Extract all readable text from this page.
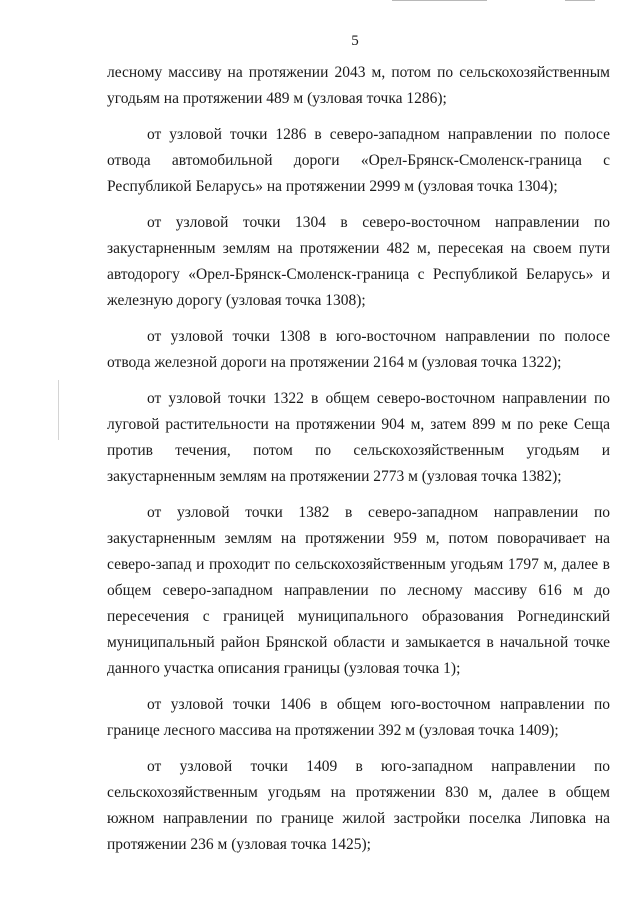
5

лесному массиву на протяжении 2043 м, потом по сельскохозяйственным угодьям на протяжении 489 м (узловая точка 1286);

от узловой точки 1286 в северо-западном направлении по полосе отвода автомобильной дороги «Орел-Брянск-Смоленск-граница с Республикой Беларусь» на протяжении 2999 м (узловая точка 1304);

от узловой точки 1304 в северо-восточном направлении по закустарненным землям на протяжении 482 м, пересекая на своем пути автодорогу «Орел-Брянск-Смоленск-граница с Республикой Беларусь» и железную дорогу (узловая точка 1308);

от узловой точки 1308 в юго-восточном направлении по полосе отвода железной дороги на протяжении 2164 м (узловая точка 1322);

от узловой точки 1322 в общем северо-восточном направлении по луговой растительности на протяжении 904 м, затем 899 м по реке Сеща против течения, потом по сельскохозяйственным угодьям и закустарненным землям на протяжении 2773 м (узловая точка 1382);

от узловой точки 1382 в северо-западном направлении по закустарненным землям на протяжении 959 м, потом поворачивает на северо-запад и проходит по сельскохозяйственным угодьям 1797 м, далее в общем северо-западном направлении по лесному массиву 616 м до пересечения с границей муниципального образования Рогнединский муниципальный район Брянской области и замыкается в начальной точке данного участка описания границы (узловая точка 1);

от узловой точки 1406 в общем юго-восточном направлении по границе лесного массива на протяжении 392 м (узловая точка 1409);

от узловой точки 1409 в юго-западном направлении по сельскохозяйственным угодьям на протяжении 830 м, далее в общем южном направлении по границе жилой застройки поселка Липовка на протяжении 236 м (узловая точка 1425);
